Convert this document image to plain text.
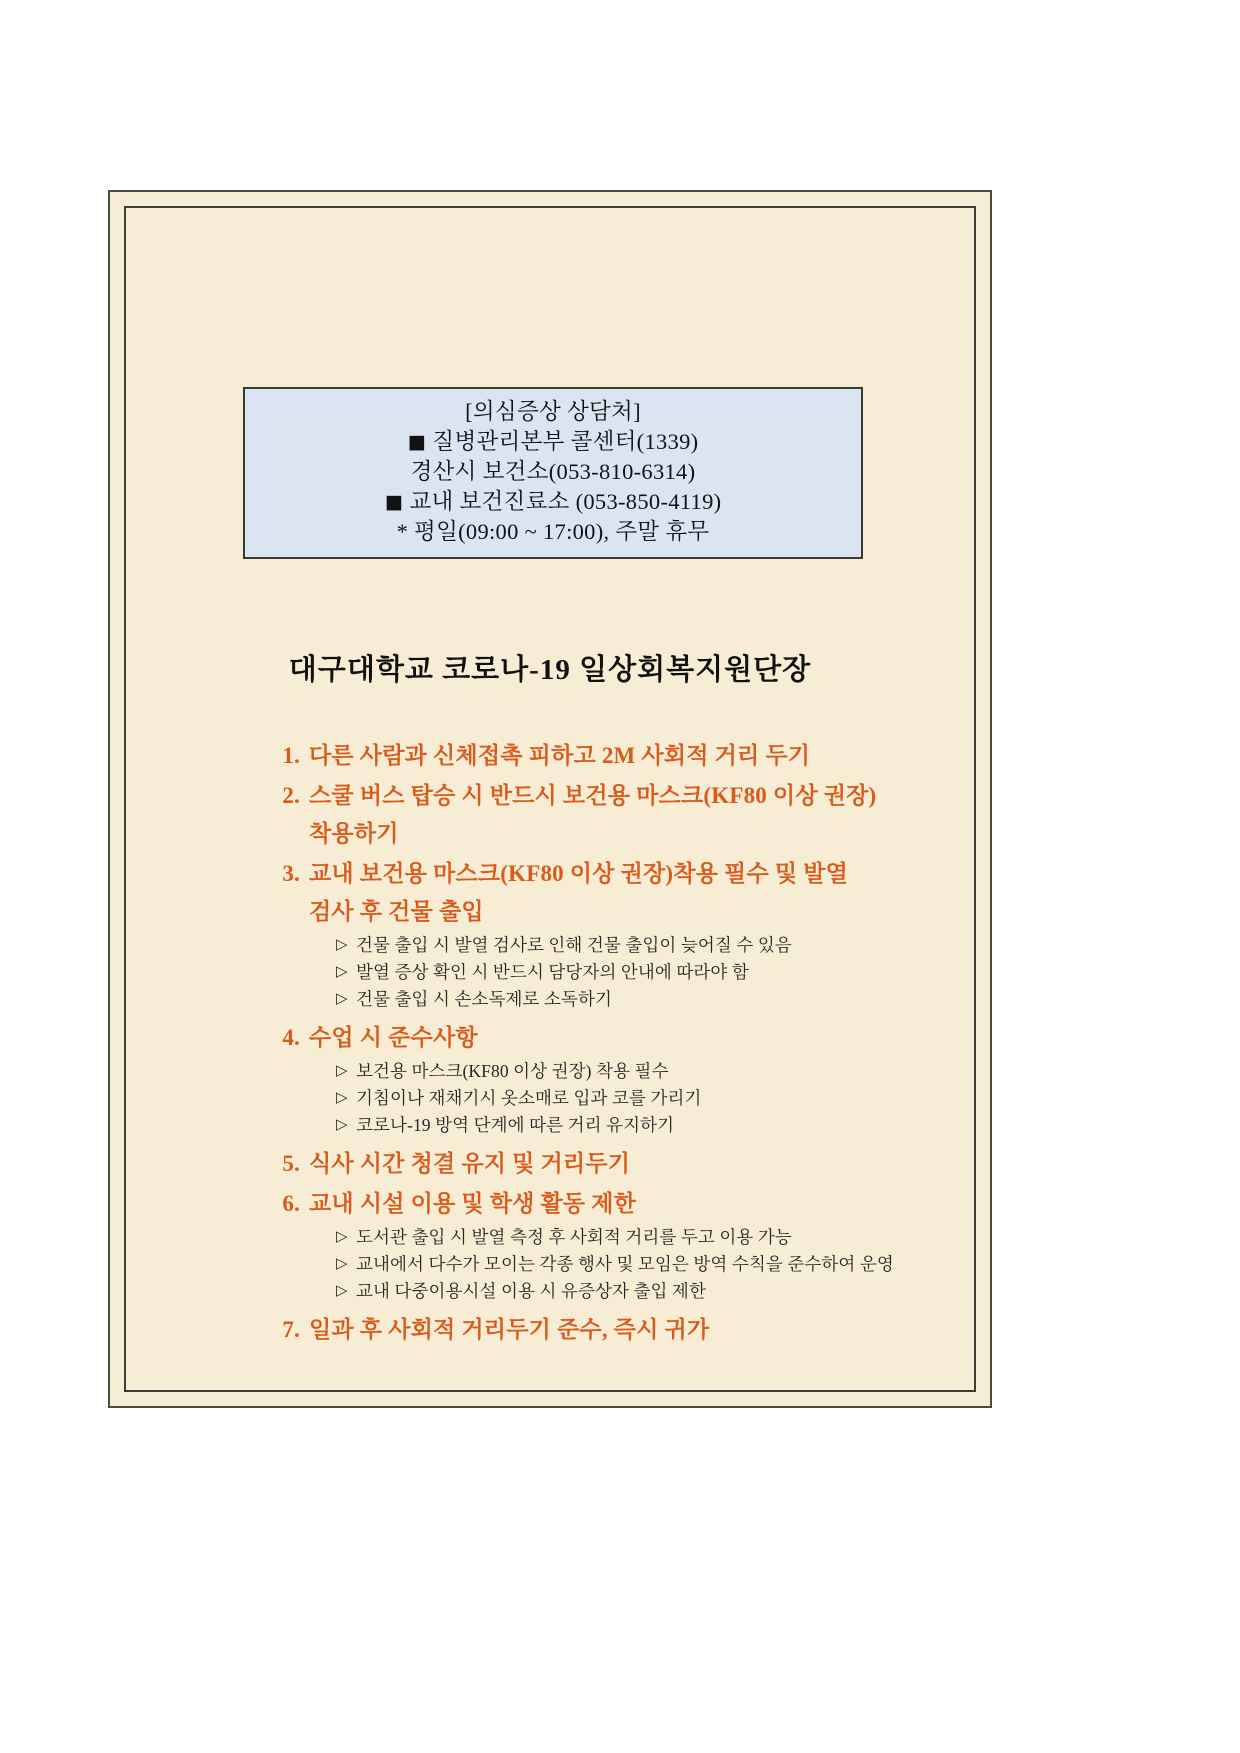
[의심증상 상담처]
◼ 질병관리본부 콜센터(1339)
경산시 보건소(053-810-6314)
◼ 교내 보건진료소 (053-850-4119)
* 평일(09:00 ~ 17:00), 주말 휴무
대구대학교 코로나-19 일상회복지원단장
1. 다른 사람과 신체접촉 피하고 2M 사회적 거리 두기
2. 스쿨 버스 탑승 시 반드시 보건용 마스크(KF80 이상 권장)
착용하기
3. 교내 보건용 마스크(KF80 이상 권장)착용 필수 및 발열
검사 후 건물 출입
▷ 건물 출입 시 발열 검사로 인해 건물 출입이 늦어질 수 있음
▷ 발열 증상 확인 시 반드시 담당자의 안내에 따라야 함
▷ 건물 출입 시 손소독제로 소독하기
4. 수업 시 준수사항
▷ 보건용 마스크(KF80 이상 권장) 착용 필수
▷ 기침이나 재채기시 옷소매로 입과 코를 가리기
▷ 코로나-19 방역 단계에 따른 거리 유지하기
5. 식사 시간 청결 유지 및 거리두기
6. 교내 시설 이용 및 학생 활동 제한
▷ 도서관 출입 시 발열 측정 후 사회적 거리를 두고 이용 가능
▷ 교내에서 다수가 모이는 각종 행사 및 모임은 방역 수칙을 준수하여 운영
▷ 교내 다중이용시설 이용 시 유증상자 출입 제한
7. 일과 후 사회적 거리두기 준수, 즉시 귀가
